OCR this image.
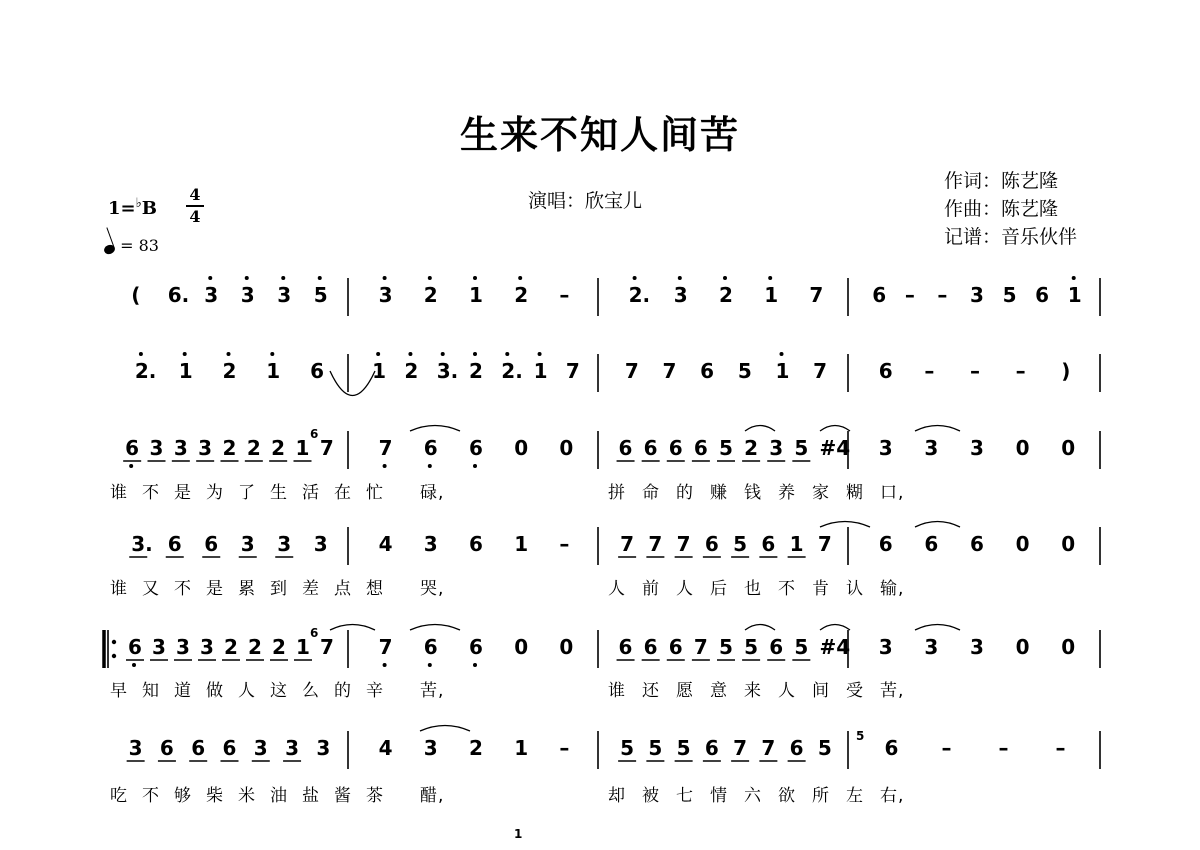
生来不知人间苦
演唱：欣宝儿
作词：陈艺隆
作曲：陈艺隆
记谱：音乐伙伴
1=♭B
4
4
= 83
( 6. 3 3 3 5	3 2 1 2 –	2. 3 2 1 7 6 – – 3 5 6 1
2. 1 2 1 6 1 2 3. 2 2. 1 7 7 7 6 5 1 7	6 – – – )
6 3 3 3 2 2 2 1 7 7 6 6 0 0 6 6 6 6 5 2 3 5 #4 3 3 3 0 0
3. 6 6 3 3 3	4 3 6 1 –	7 7 7 6 5 6 1 7 6 6 6 0 0
6 3 3 3 2 2 2 1 7 7 6 6 0 0 6 6 6 7 5 5 6 5 #4 3 3 3 0 0
3 6 6 6 3 3 3 4 3 2 1 –	5 5 5 6 7 7 6 5	6 – – –
6
6
5
1
谁 不 是 为 了 生 活 在 忙 碌,	拼 命 的 赚 钱 养 家 糊 口,
谁 又 不 是 累 到 差 点 想 哭,	人 前 人 后 也 不 肯 认 输,
早 知 道 做 人 这 么 的 辛 苦,	谁 还 愿 意 来 人 间 受 苦,
吃 不 够 柴 米 油 盐 酱 茶 醋,	却 被 七 情 六 欲 所 左 右,
